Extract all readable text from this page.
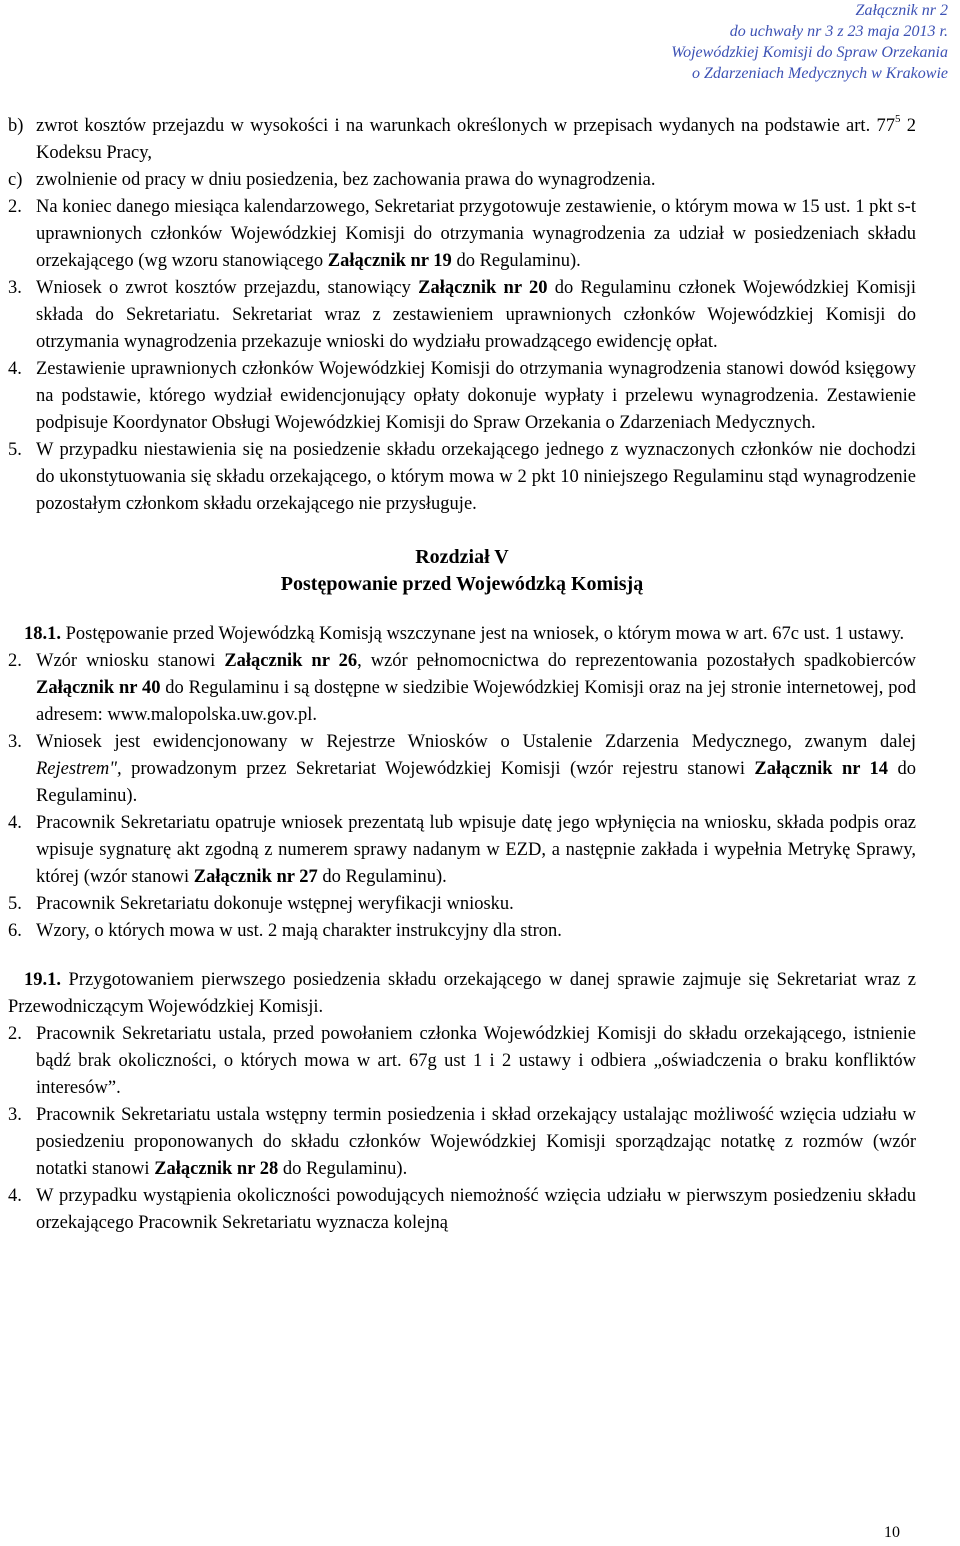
Załącznik nr 2
do uchwały nr 3 z 23 maja 2013 r.
Wojewódzkiej Komisji do Spraw Orzekania
o Zdarzeniach Medycznych w Krakowie
b) zwrot kosztów przejazdu w wysokości i na warunkach określonych w przepisach wydanych na podstawie art. $77^5$ 2 Kodeksu Pracy,
c) zwolnienie od pracy w dniu posiedzenia, bez zachowania prawa do wynagrodzenia.
2. Na koniec danego miesiąca kalendarzowego, Sekretariat przygotowuje zestawienie, o którym mowa w 15 ust. 1 pkt s-t uprawnionych członków Wojewódzkiej Komisji do otrzymania wynagrodzenia za udział w posiedzeniach składu orzekającego (wg wzoru stanowiącego Załącznik nr 19 do Regulaminu).
3. Wniosek o zwrot kosztów przejazdu, stanowiący Załącznik nr 20 do Regulaminu członek Wojewódzkiej Komisji składa do Sekretariatu. Sekretariat wraz z zestawieniem uprawnionych członków Wojewódzkiej Komisji do otrzymania wynagrodzenia przekazuje wnioski do wydziału prowadzącego ewidencję opłat.
4. Zestawienie uprawnionych członków Wojewódzkiej Komisji do otrzymania wynagrodzenia stanowi dowód księgowy na podstawie, którego wydział ewidencjonujący opłaty dokonuje wypłaty i przelewu wynagrodzenia. Zestawienie podpisuje Koordynator Obsługi Wojewódzkiej Komisji do Spraw Orzekania o Zdarzeniach Medycznych.
5. W przypadku niestawienia się na posiedzenie składu orzekającego jednego z wyznaczonych członków nie dochodzi do ukonstytuowania się składu orzekającego, o którym mowa w 2 pkt 10 niniejszego Regulaminu stąd wynagrodzenie pozostałym członkom składu orzekającego nie przysługuje.
Rozdział V
Postępowanie przed Wojewódzką Komisją
18.1. Postępowanie przed Wojewódzką Komisją wszczynane jest na wniosek, o którym mowa w art. 67c ust. 1 ustawy.
2. Wzór wniosku stanowi Załącznik nr 26, wzór pełnomocnictwa do reprezentowania pozostałych spadkobierców Załącznik nr 40 do Regulaminu i są dostępne w siedzibie Wojewódzkiej Komisji oraz na jej stronie internetowej, pod adresem: www.malopolska.uw.gov.pl.
3. Wniosek jest ewidencjonowany w Rejestrze Wniosków o Ustalenie Zdarzenia Medycznego, zwanym dalej Rejestrem", prowadzonym przez Sekretariat Wojewódzkiej Komisji (wzór rejestru stanowi Załącznik nr 14 do Regulaminu).
4. Pracownik Sekretariatu opatruje wniosek prezentatą lub wpisuje datę jego wpłynięcia na wniosku, składa podpis oraz wpisuje sygnaturę akt zgodną z numerem sprawy nadanym w EZD, a następnie zakłada i wypełnia Metrykę Sprawy, której (wzór stanowi Załącznik nr 27 do Regulaminu).
5. Pracownik Sekretariatu dokonuje wstępnej weryfikacji wniosku.
6. Wzory, o których mowa w ust. 2 mają charakter instrukcyjny dla stron.
19.1. Przygotowaniem pierwszego posiedzenia składu orzekającego w danej sprawie zajmuje się Sekretariat wraz z Przewodniczącym Wojewódzkiej Komisji.
2. Pracownik Sekretariatu ustala, przed powołaniem członka Wojewódzkiej Komisji do składu orzekającego, istnienie bądź brak okoliczności, o których mowa w art. 67g ust 1 i 2 ustawy i odbiera „oświadczenia o braku konfliktów interesów”.
3. Pracownik Sekretariatu ustala wstępny termin posiedzenia i skład orzekający ustalając możliwość wzięcia udziału w posiedzeniu proponowanych do składu członków Wojewódzkiej Komisji sporządzając notatkę z rozmów (wzór notatki stanowi Załącznik nr 28 do Regulaminu).
4. W przypadku wystąpienia okoliczności powodujących niemożność wzięcia udziału w pierwszym posiedzeniu składu orzekającego Pracownik Sekretariatu wyznacza kolejną
10
